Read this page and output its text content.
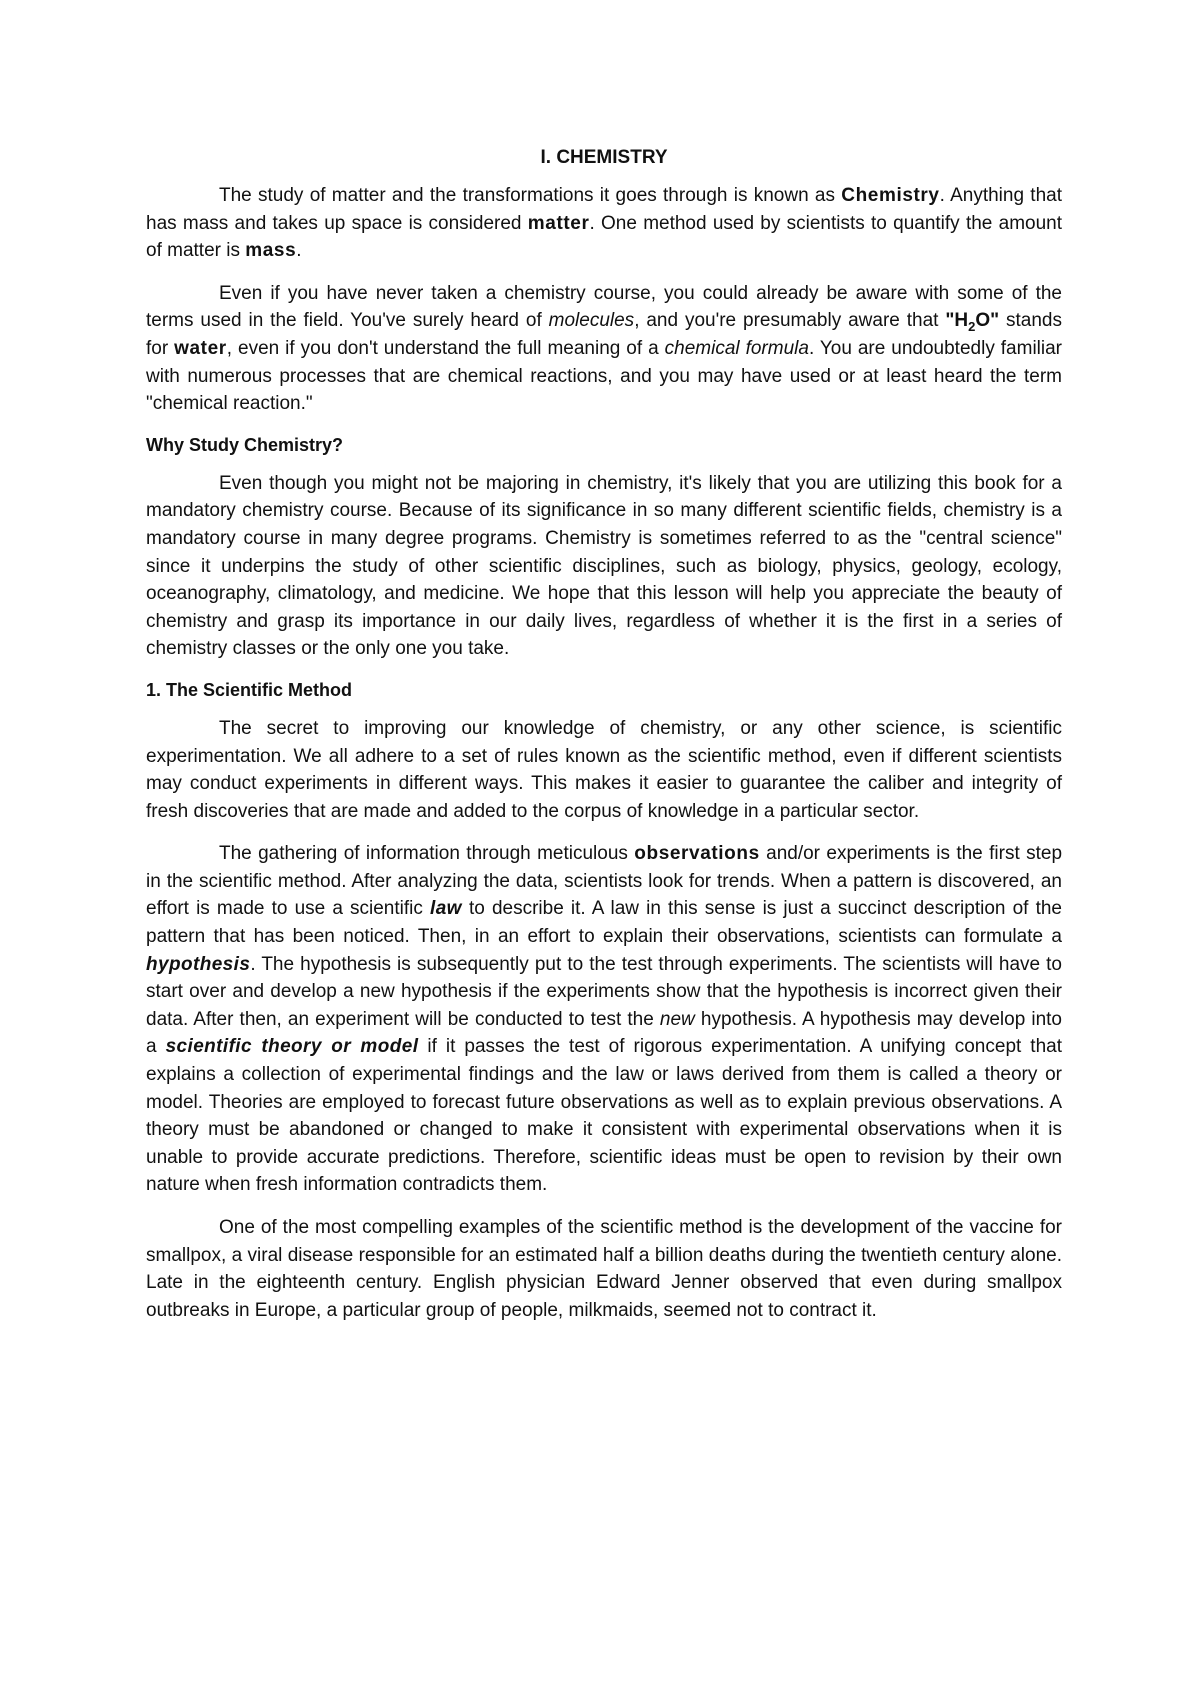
I. CHEMISTRY

The study of matter and the transformations it goes through is known as Chemistry. Anything that has mass and takes up space is considered matter. One method used by scientists to quantify the amount of matter is mass.

Even if you have never taken a chemistry course, you could already be aware with some of the terms used in the field. You've surely heard of molecules, and you're presumably aware that "$H_2O$" stands for water, even if you don't understand the full meaning of a chemical formula. You are undoubtedly familiar with numerous processes that are chemical reactions, and you may have used or at least heard the term "chemical reaction."

Why Study Chemistry?

Even though you might not be majoring in chemistry, it's likely that you are utilizing this book for a mandatory chemistry course. Because of its significance in so many different scientific fields, chemistry is a mandatory course in many degree programs. Chemistry is sometimes referred to as the "central science" since it underpins the study of other scientific disciplines, such as biology, physics, geology, ecology, oceanography, climatology, and medicine. We hope that this lesson will help you appreciate the beauty of chemistry and grasp its importance in our daily lives, regardless of whether it is the first in a series of chemistry classes or the only one you take.

1. The Scientific Method

The secret to improving our knowledge of chemistry, or any other science, is scientific experimentation. We all adhere to a set of rules known as the scientific method, even if different scientists may conduct experiments in different ways. This makes it easier to guarantee the caliber and integrity of fresh discoveries that are made and added to the corpus of knowledge in a particular sector.

The gathering of information through meticulous observations and/or experiments is the first step in the scientific method. After analyzing the data, scientists look for trends. When a pattern is discovered, an effort is made to use a scientific law to describe it. A law in this sense is just a succinct description of the pattern that has been noticed. Then, in an effort to explain their observations, scientists can formulate a hypothesis. The hypothesis is subsequently put to the test through experiments. The scientists will have to start over and develop a new hypothesis if the experiments show that the hypothesis is incorrect given their data. After then, an experiment will be conducted to test the new hypothesis. A hypothesis may develop into a scientific theory or model if it passes the test of rigorous experimentation. A unifying concept that explains a collection of experimental findings and the law or laws derived from them is called a theory or model. Theories are employed to forecast future observations as well as to explain previous observations. A theory must be abandoned or changed to make it consistent with experimental observations when it is unable to provide accurate predictions. Therefore, scientific ideas must be open to revision by their own nature when fresh information contradicts them.

One of the most compelling examples of the scientific method is the development of the vaccine for smallpox, a viral disease responsible for an estimated half a billion deaths during the twentieth century alone. Late in the eighteenth century. English physician Edward Jenner observed that even during smallpox outbreaks in Europe, a particular group of people, milkmaids, seemed not to contract it.
